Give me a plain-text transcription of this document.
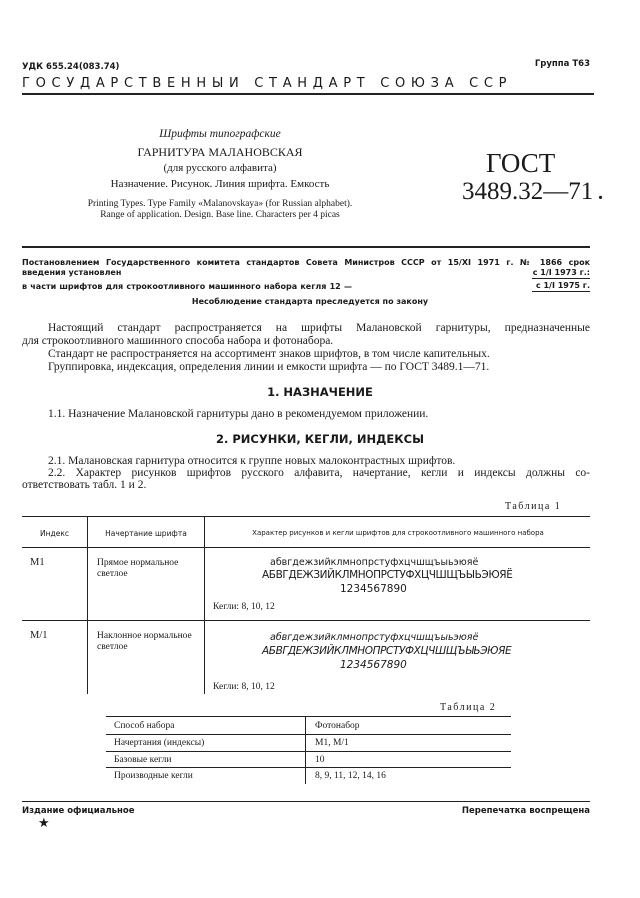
УДК 655.24(083.74)	Группа Т63
ГОСУДАРСТВЕННЫЙ СТАНДАРТ СОЮЗА ССР
Шрифты типографские
ГАРНИТУРА МАЛАНОВСКАЯ
(для русского алфавита)
Назначение. Рисунок. Линия шрифта. Емкость
Printing Types. Type Family «Malanovskaya» (for Russian alphabet).
Range of application. Design. Base line. Characters per 4 picas
ГОСТ
3489.32—71 .
Постановлением Государственного комитета стандартов Совета Министров СССР от 15/XI 1971 г. № 1866 срок
введения установлен	с 1/I 1973 г.:
в части шрифтов для строкоотливного машинного набора кегля 12 —	с 1/I 1975 г.
Несоблюдение стандарта преследуется по закону
Настоящий стандарт распространяется на шрифты Малановской гарнитуры, предназначенные
для строкоотливного машинного способа набора и фотонабора.
Стандарт не распространяется на ассортимент знаков шрифтов, в том числе капительных.
Группировка, индексация, определения линии и емкости шрифта — по ГОСТ 3489.1—71.
1. НАЗНАЧЕНИЕ
1.1. Назначение Малановской гарнитуры дано в рекомендуемом приложении.
2. РИСУНКИ, КЕГЛИ, ИНДЕКСЫ
2.1. Малановская гарнитура относится к группе новых малоконтрастных шрифтов.
2.2. Характер рисунков шрифтов русского алфавита, начертание, кегли и индексы должны со-
ответствовать табл. 1 и 2.
Таблица 1
Индекс	Начертание шрифта	Характер рисунков и кегли шрифтов для строкоотливного машинного набора
М1	Прямое нормальное
светлое
абвгдежзийклмнопрстуфхцчшщъыьэюяё
АБВГДЕЖЗИЙКЛМНОПРСТУФХЦЧШЩЪЫЬЭЮЯЁ
1234567890
Кегли: 8, 10, 12
М/1	Наклонное нормальное
светлое
абвгдежзийклмнопрстуфхцчшщъыьэюяё
АБВГДЕЖЗИЙКЛМНОПРСТУФХЦЧШЩЪЫЬЭЮЯЕ
1234567890
Кегли: 8, 10, 12
Таблица 2
Способ набора	Фотонабор
Начертания (индексы)	М1, М/1
Базовые кегли	10
Производные кегли	8, 9, 11, 12, 14, 16
Издание официальное	Перепечатка воспрещена
★
